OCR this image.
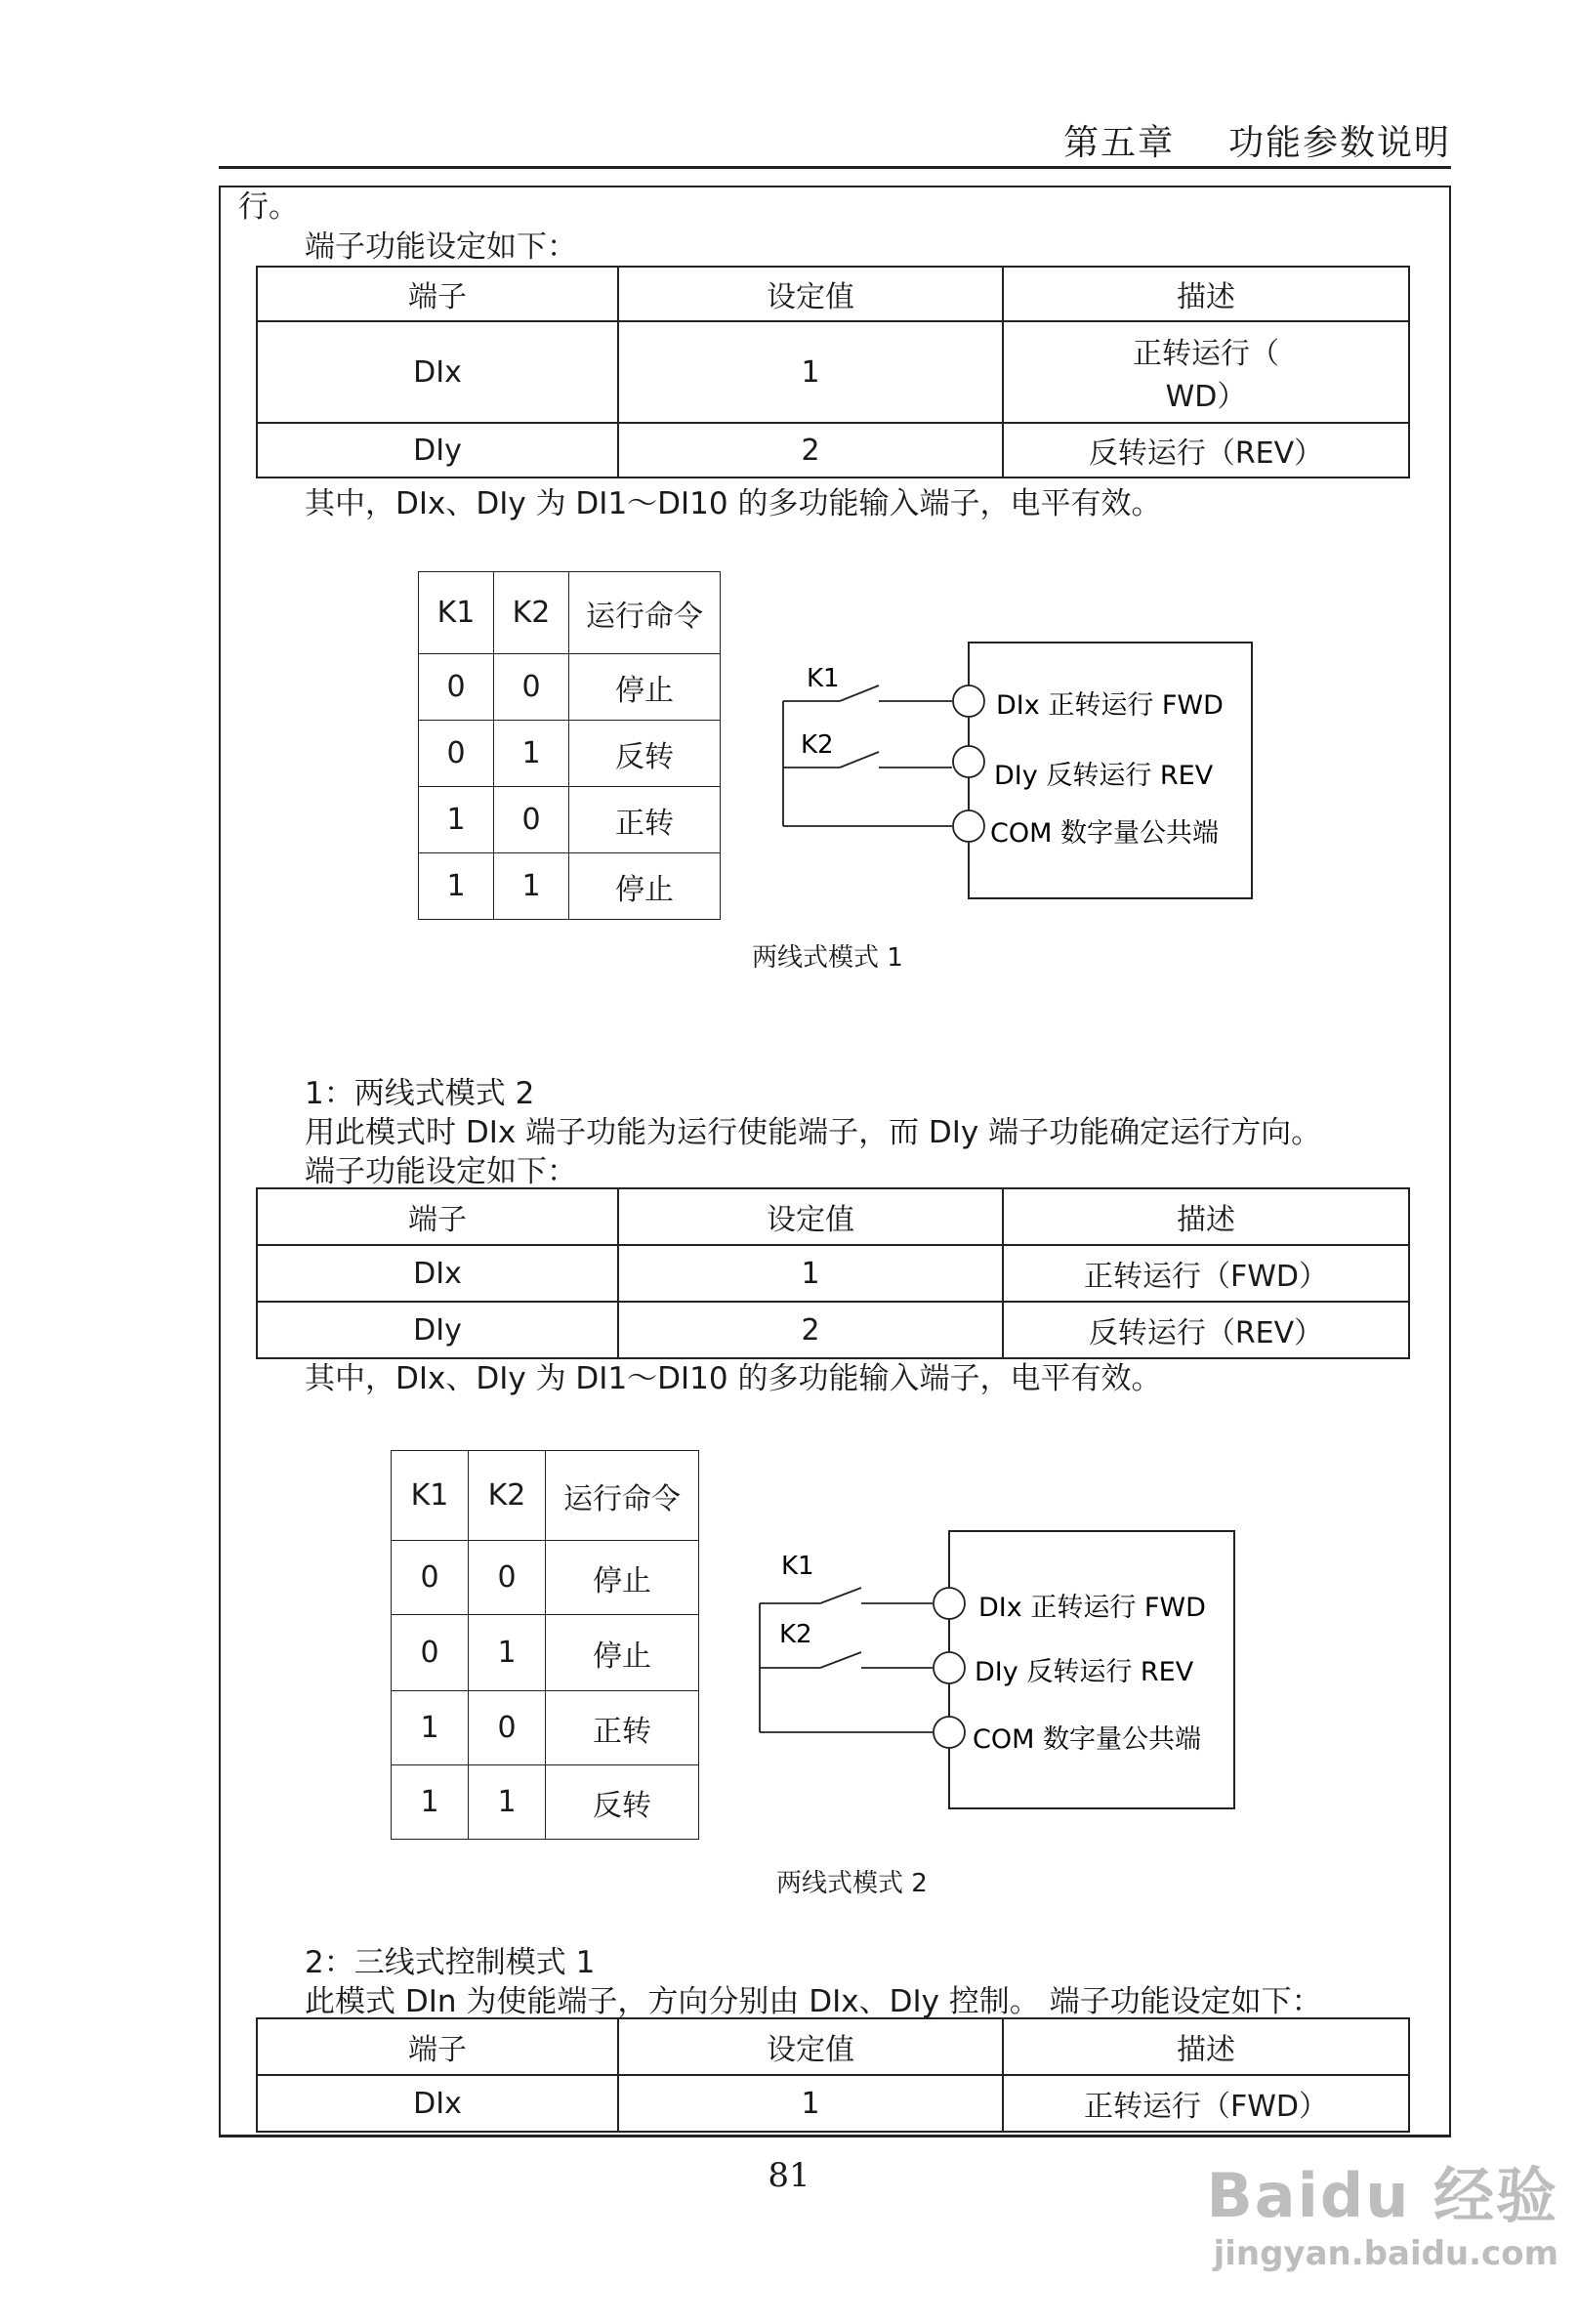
第五章 功能参数说明
行。
端子功能设定如下：
端子	设定值	描述
DIx	1	正转运行（
WD）

DIy	2	反转运行（REV）
其中，DIx、DIy 为 DI1～DI10 的多功能输入端子，电平有效。
K1	K2	运行命令
0	0	停止
0	1	反转
1	0	正转
1	1	停止
K1
K2
DIx 正转运行 FWD
DIy 反转运行 REV
COM 数字量公共端
两线式模式 1
1：两线式模式 2
用此模式时 DIx 端子功能为运行使能端子，而 DIy 端子功能确定运行方向。
端子功能设定如下：
端子	设定值	描述
DIx	1	正转运行（FWD）
DIy	2	反转运行（REV）
其中，DIx、DIy 为 DI1～DI10 的多功能输入端子，电平有效。
K1	K2	运行命令
0	0	停止
0	1	停止
1	0	正转
1	1	反转
K1
K2
DIx 正转运行 FWD
DIy 反转运行 REV
COM 数字量公共端
两线式模式 2
2：三线式控制模式 1
此模式 DIn 为使能端子，方向分别由 DIx、DIy 控制。 端子功能设定如下：
端子	设定值	描述
DIx	1	正转运行（FWD）
81	Baidu 经验
jingyan.baidu.com
